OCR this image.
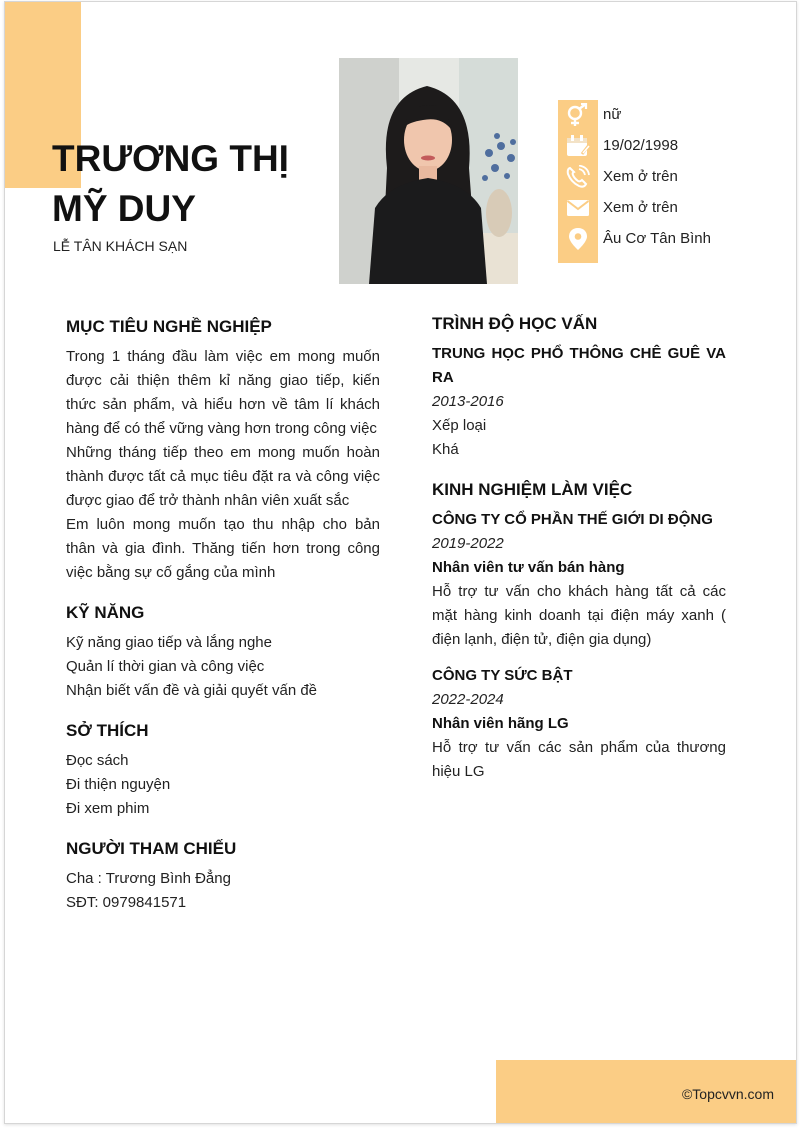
©Topcvvn.com
TRƯƠNG THỊ
MỸ DUY
LỄ TÂN KHÁCH SẠN
nữ
19/02/1998
Xem ở trên
Xem ở trên
Âu Cơ Tân Bình
MỤC TIÊU NGHỀ NGHIỆP
Trong 1 tháng đầu làm việc em mong muốn được cải thiện thêm kỉ năng giao tiếp, kiến thức sản phẩm, và hiểu hơn về tâm lí khách hàng để có thể vững vàng hơn trong công việc
Những tháng tiếp theo em mong muốn hoàn thành được tất cả mục tiêu đặt ra và công việc được giao để trở thành nhân viên xuất sắc
Em luôn mong muốn tạo thu nhập cho bản thân và gia đình. Thăng tiến hơn trong công việc bằng sự cố gắng của mình
KỸ NĂNG
Kỹ năng giao tiếp và lắng nghe
Quản lí thời gian và công việc
Nhận biết vấn đề và giải quyết vấn đề
SỞ THÍCH
Đọc sách
Đi thiện nguyện
Đi xem phim
NGƯỜI THAM CHIẾU
Cha : Trương Bình Đẳng
SĐT: 0979841571
TRÌNH ĐỘ HỌC VẤN
TRUNG HỌC PHỔ THÔNG CHÊ GUÊ VA RA
2013-2016
Xếp loại
Khá
KINH NGHIỆM LÀM VIỆC
CÔNG TY CỔ PHẦN THẾ GIỚI DI ĐỘNG
2019-2022
Nhân viên tư vấn bán hàng
Hỗ trợ tư vấn cho khách hàng tất cả các mặt hàng kinh doanh tại điện máy xanh ( điện lạnh, điện tử, điện gia dụng)
CÔNG TY SỨC BẬT
2022-2024
Nhân viên hãng LG
Hỗ trợ tư vấn các sản phẩm của thương hiệu LG
